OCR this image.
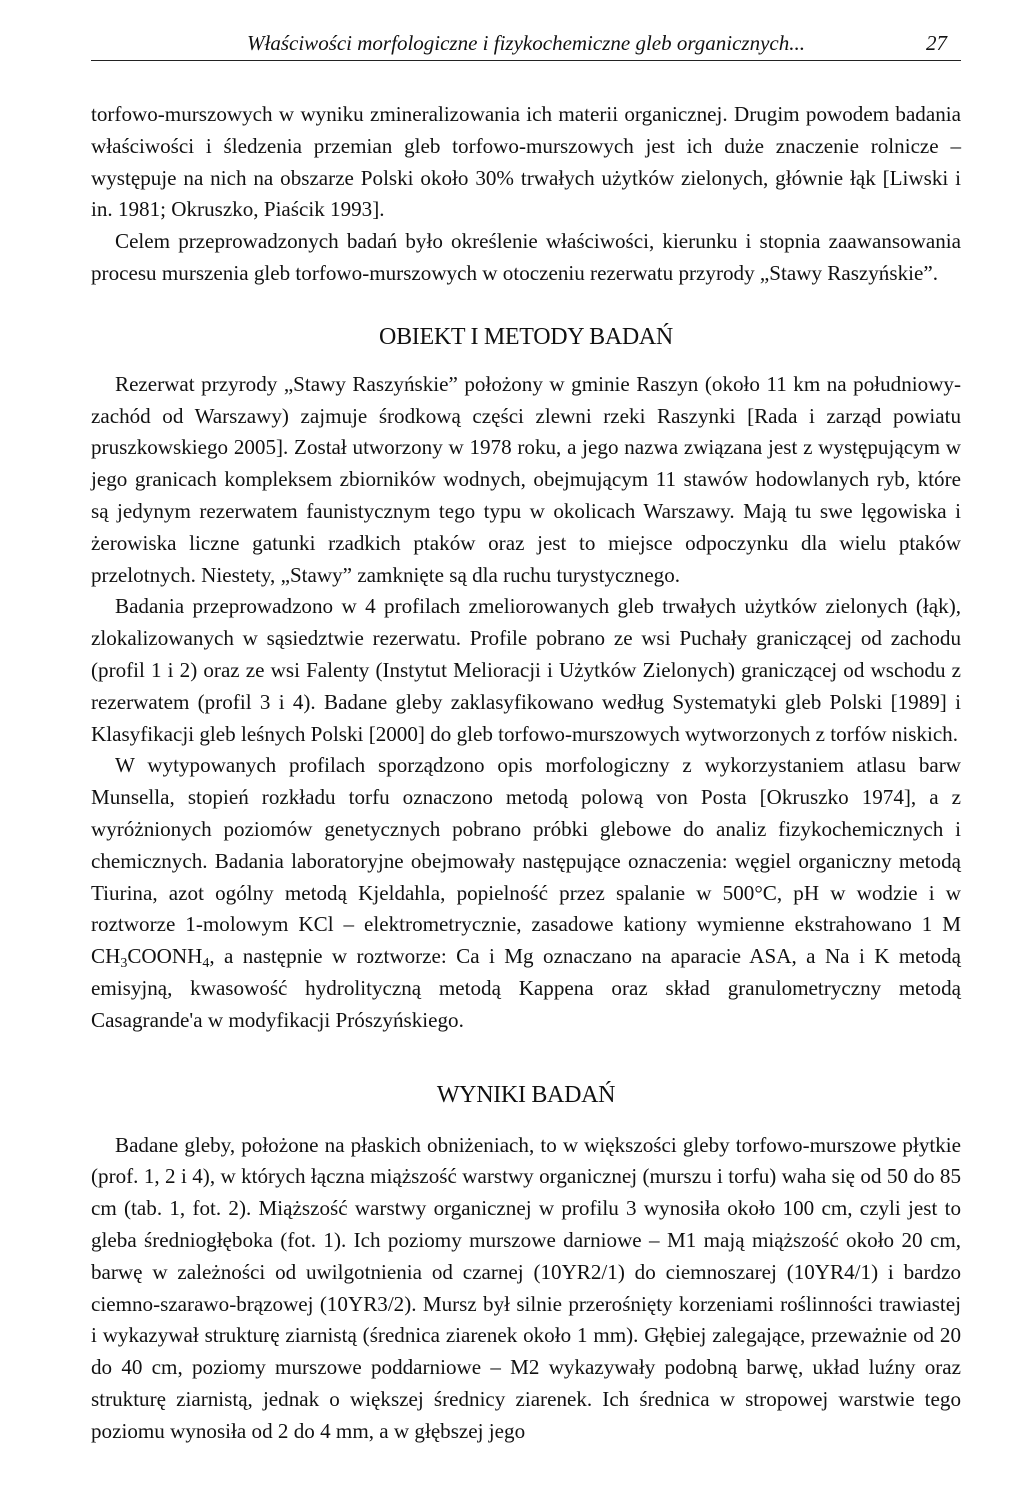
Właściwości morfologiczne i fizykochemiczne gleb organicznych...	27

torfowo-murszowych w wyniku zmineralizowania ich materii organicznej. Drugim powodem badania właściwości i śledzenia przemian gleb torfowo-murszowych jest ich duże znaczenie rolnicze – występuje na nich na obszarze Polski około 30% trwałych użytków zielonych, głównie łąk [Liwski i in. 1981; Okruszko, Piaścik 1993].

Celem przeprowadzonych badań było określenie właściwości, kierunku i stopnia zaawansowania procesu murszenia gleb torfowo-murszowych w otoczeniu rezerwatu przyrody „Stawy Raszyńskie”.

OBIEKT I METODY BADAŃ

Rezerwat przyrody „Stawy Raszyńskie” położony w gminie Raszyn (około 11 km na południowy-zachód od Warszawy) zajmuje środkową części zlewni rzeki Raszynki [Rada i zarząd powiatu pruszkowskiego 2005]. Został utworzony w 1978 roku, a jego nazwa związana jest z występującym w jego granicach kompleksem zbiorników wodnych, obejmującym 11 stawów hodowlanych ryb, które są jedynym rezerwatem faunistycznym tego typu w okolicach Warszawy. Mają tu swe lęgowiska i żerowiska liczne gatunki rzadkich ptaków oraz jest to miejsce odpoczynku dla wielu ptaków przelotnych. Niestety, „Stawy” zamknięte są dla ruchu turystycznego.

Badania przeprowadzono w 4 profilach zmeliorowanych gleb trwałych użytków zielonych (łąk), zlokalizowanych w sąsiedztwie rezerwatu. Profile pobrano ze wsi Puchały graniczącej od zachodu (profil 1 i 2) oraz ze wsi Falenty (Instytut Melioracji i Użytków Zielonych) graniczącej od wschodu z rezerwatem (profil 3 i 4). Badane gleby zaklasyfikowano według Systematyki gleb Polski [1989] i Klasyfikacji gleb leśnych Polski [2000] do gleb torfowo-murszowych wytworzonych z torfów niskich.

W wytypowanych profilach sporządzono opis morfologiczny z wykorzystaniem atlasu barw Munsella, stopień rozkładu torfu oznaczono metodą polową von Posta [Okruszko 1974], a z wyróżnionych poziomów genetycznych pobrano próbki glebowe do analiz fizykochemicznych i chemicznych. Badania laboratoryjne obejmowały następujące oznaczenia: węgiel organiczny metodą Tiurina, azot ogólny metodą Kjeldahla, popielność przez spalanie w 500°C, pH w wodzie i w roztworze 1-molowym KCl – elektrometrycznie, zasadowe kationy wymienne ekstrahowano 1 M $CH_3COONH_4$, a następnie w roztworze: Ca i Mg oznaczano na aparacie ASA, a Na i K metodą emisyjną, kwasowość hydrolityczną metodą Kappena oraz skład granulometryczny metodą Casagrande'a w modyfikacji Prószyńskiego.

WYNIKI BADAŃ

Badane gleby, położone na płaskich obniżeniach, to w większości gleby torfowo-murszowe płytkie (prof. 1, 2 i 4), w których łączna miąższość warstwy organicznej (murszu i torfu) waha się od 50 do 85 cm (tab. 1, fot. 2). Miąższość warstwy organicznej w profilu 3 wynosiła około 100 cm, czyli jest to gleba średniogłęboka (fot. 1). Ich poziomy murszowe darniowe – M1 mają miąższość około 20 cm, barwę w zależności od uwilgotnienia od czarnej (10YR2/1) do ciemnoszarej (10YR4/1) i bardzo ciemno-szarawo-brązowej (10YR3/2). Mursz był silnie przerośnięty korzeniami roślinności trawiastej i wykazywał strukturę ziarnistą (średnica ziarenek około 1 mm). Głębiej zalegające, przeważnie od 20 do 40 cm, poziomy murszowe poddarniowe – M2 wykazywały podobną barwę, układ luźny oraz strukturę ziarnistą, jednak o większej średnicy ziarenek. Ich średnica w stropowej warstwie tego poziomu wynosiła od 2 do 4 mm, a w głębszej jego
